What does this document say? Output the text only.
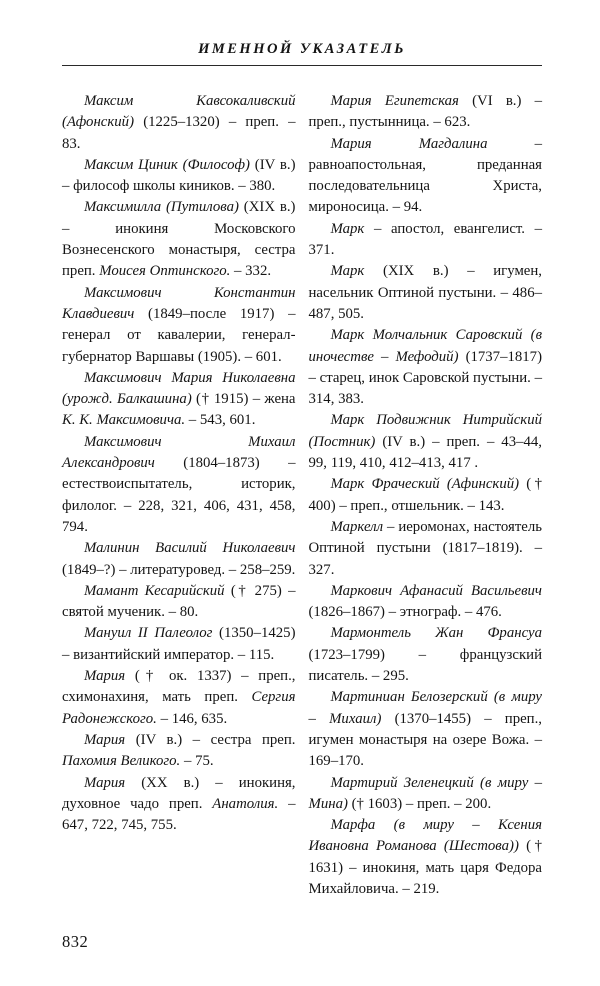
ИМЕННОЙ УКАЗАТЕЛЬ

Максим Кавсокаливский (Афонский) (1225–1320) – преп. – 83.

Максим Циник (Философ) (IV в.) – философ школы киников. – 380.

Максимилла (Путилова) (XIX в.) – инокиня Московского Вознесенского монастыря, сестра преп. Моисея Оптинского. – 332.

Максимович Константин Клавдиевич (1849–после 1917) – генерал от кавалерии, генерал-губернатор Варшавы (1905). – 601.

Максимович Мария Николаевна (урожд. Балкашина) († 1915) – жена К. К. Максимовича. – 543, 601.

Максимович Михаил Александрович (1804–1873) – естествоиспытатель, историк, филолог. – 228, 321, 406, 431, 458, 794.

Малинин Василий Николаевич (1849–?) – литературовед. – 258–259.

Мамант Кесарийский († 275) – святой мученик. – 80.

Мануил II Палеолог (1350–1425) – византийский император. – 115.

Мария († ок. 1337) – преп., схимонахиня, мать преп. Сергия Радонежского. – 146, 635.

Мария (IV в.) – сестра преп. Пахомия Великого. – 75.

Мария (XX в.) – инокиня, духовное чадо преп. Анатолия. – 647, 722, 745, 755.

Мария Египетская (VI в.) – преп., пустынница. – 623.

Мария Магдалина – равноапостольная, преданная последовательница Христа, мироносица. – 94.

Марк – апостол, евангелист. – 371.

Марк (XIX в.) – игумен, насельник Оптиной пустыни. – 486–487, 505.

Марк Молчальник Саровский (в иночестве – Мефодий) (1737–1817) – старец, инок Саровской пустыни. – 314, 383.

Марк Подвижник Нитрийский (Постник) (IV в.) – преп. – 43–44, 99, 119, 410, 412–413, 417 .

Марк Фраческий (Афинский) († 400) – преп., отшельник. – 143.

Маркелл – иеромонах, настоятель Оптиной пустыни (1817–1819). – 327.

Маркович Афанасий Васильевич (1826–1867) – этнограф. – 476.

Мармонтель Жан Франсуа (1723–1799) – французский писатель. – 295.

Мартиниан Белозерский (в миру – Михаил) (1370–1455) – преп., игумен монастыря на озере Вожа. – 169–170.

Мартирий Зеленецкий (в миру – Мина) († 1603) – преп. – 200.

Марфа (в миру – Ксения Ивановна Романова (Шестова)) († 1631) – инокиня, мать царя Федора Михайловича. – 219.

832
